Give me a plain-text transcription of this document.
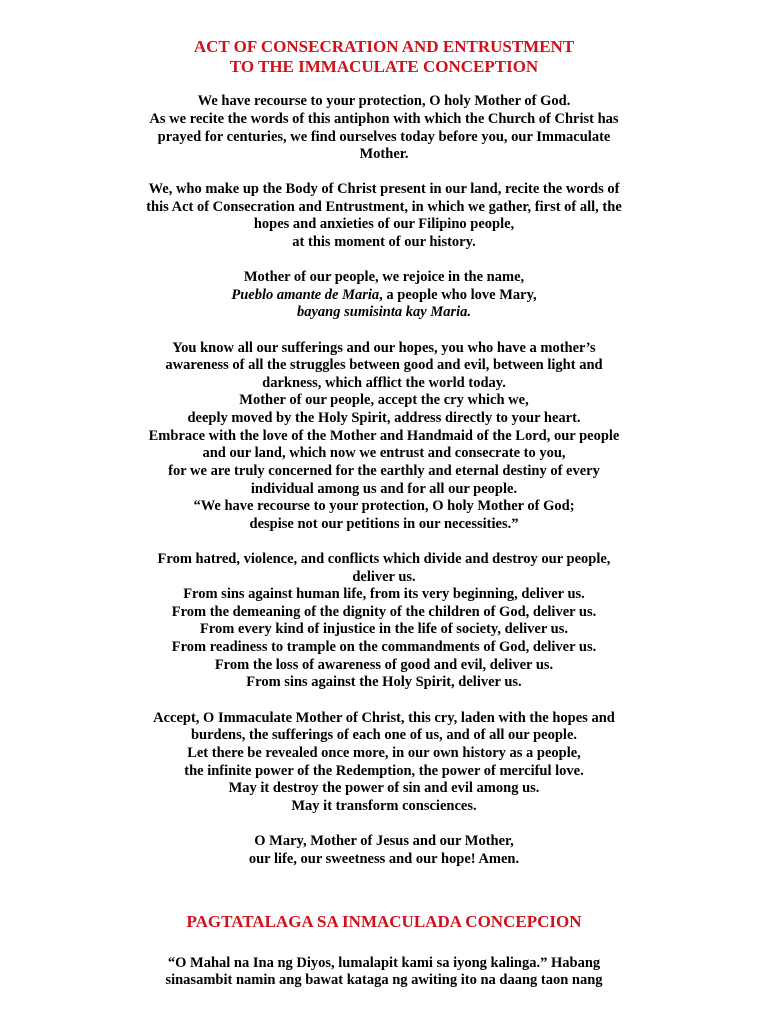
ACT OF CONSECRATION AND ENTRUSTMENT
TO THE IMMACULATE CONCEPTION
We have recourse to your protection, O holy Mother of God.
As we recite the words of this antiphon with which the Church of Christ has
prayed for centuries, we find ourselves today before you, our Immaculate
Mother.
We, who make up the Body of Christ present in our land, recite the words of
this Act of Consecration and Entrustment, in which we gather, first of all, the
hopes and anxieties of our Filipino people,
at this moment of our history.
Mother of our people, we rejoice in the name,
Pueblo amante de Maria, a people who love Mary,
bayang sumisinta kay Maria.
You know all our sufferings and our hopes, you who have a mother’s
awareness of all the struggles between good and evil, between light and
darkness, which afflict the world today.
Mother of our people, accept the cry which we,
deeply moved by the Holy Spirit, address directly to your heart.
Embrace with the love of the Mother and Handmaid of the Lord, our people
and our land, which now we entrust and consecrate to you,
for we are truly concerned for the earthly and eternal destiny of every
individual among us and for all our people.
“We have recourse to your protection, O holy Mother of God;
despise not our petitions in our necessities.”
From hatred, violence, and conflicts which divide and destroy our people,
deliver us.
From sins against human life, from its very beginning, deliver us.
From the demeaning of the dignity of the children of God, deliver us.
From every kind of injustice in the life of society, deliver us.
From readiness to trample on the commandments of God, deliver us.
From the loss of awareness of good and evil, deliver us.
From sins against the Holy Spirit, deliver us.
Accept, O Immaculate Mother of Christ, this cry, laden with the hopes and
burdens, the sufferings of each one of us, and of all our people.
Let there be revealed once more, in our own history as a people,
the infinite power of the Redemption, the power of merciful love.
May it destroy the power of sin and evil among us.
May it transform consciences.
O Mary, Mother of Jesus and our Mother,
our life, our sweetness and our hope! Amen.
PAGTATALAGA SA INMACULADA CONCEPCION
“O Mahal na Ina ng Diyos, lumalapit kami sa iyong kalinga.” Habang
sinasambit namin ang bawat kataga ng awiting ito na daang taon nang
